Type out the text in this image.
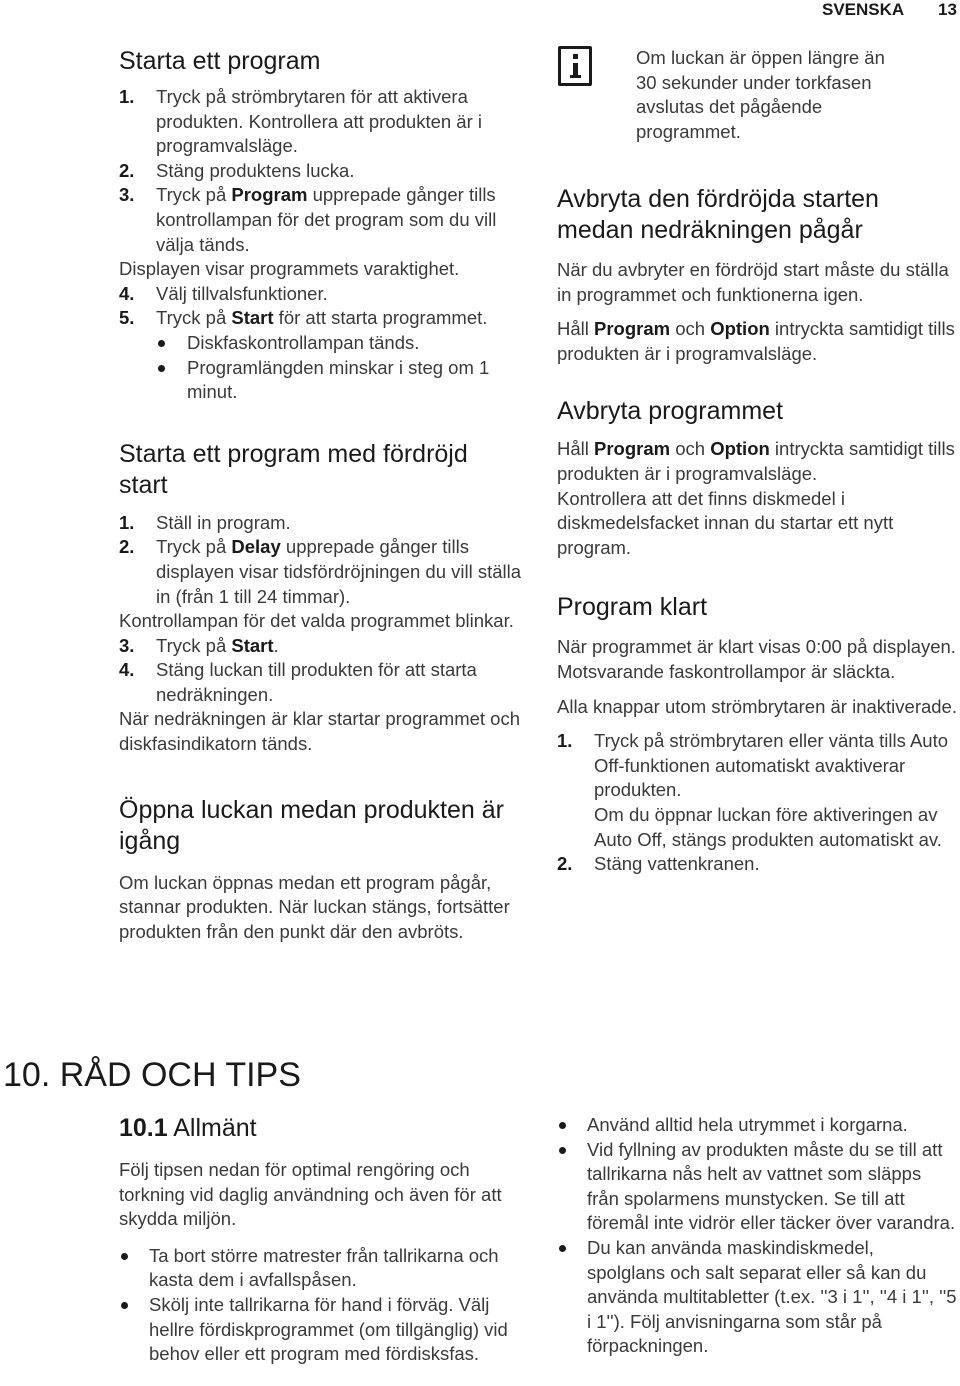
SVENSKA 13
Starta ett program
1. Tryck på strömbrytaren för att aktivera produkten. Kontrollera att produkten är i programvalsläge.
2. Stäng produktens lucka.
3. Tryck på Program upprepade gånger tills kontrollampan för det program som du vill välja tänds.
Displayen visar programmets varaktighet.
4. Välj tillvalsfunktioner.
5. Tryck på Start för att starta programmet.
Diskfaskontrollampan tänds.
Programlängden minskar i steg om 1 minut.
Starta ett program med fördröjd start
1. Ställ in program.
2. Tryck på Delay upprepade gånger tills displayen visar tidsfördröjningen du vill ställa in (från 1 till 24 timmar).
Kontrollampan för det valda programmet blinkar.
3. Tryck på Start.
4. Stäng luckan till produkten för att starta nedräkningen.
När nedräkningen är klar startar programmet och diskfasindikatorn tänds.
Öppna luckan medan produkten är igång
Om luckan öppnas medan ett program pågår, stannar produkten. När luckan stängs, fortsätter produkten från den punkt där den avbröts.
Om luckan är öppen längre än 30 sekunder under torkfasen avslutas det pågående programmet.
Avbryta den fördröjda starten medan nedräkningen pågår
När du avbryter en fördröjd start måste du ställa in programmet och funktionerna igen.
Håll Program och Option intryckta samtidigt tills produkten är i programvalsläge.
Avbryta programmet
Håll Program och Option intryckta samtidigt tills produkten är i programvalsläge.
Kontrollera att det finns diskmedel i diskmedelsfacket innan du startar ett nytt program.
Program klart
När programmet är klart visas 0:00 på displayen. Motsvarande faskontrollampor är släckta.
Alla knappar utom strömbrytaren är inaktiverade.
1. Tryck på strömbrytaren eller vänta tills Auto Off-funktionen automatiskt avaktiverar produkten.
Om du öppnar luckan före aktiveringen av Auto Off, stängs produkten automatiskt av.
2. Stäng vattenkranen.
10. RÅD OCH TIPS
10.1 Allmänt
Följ tipsen nedan för optimal rengöring och torkning vid daglig användning och även för att skydda miljön.
Ta bort större matrester från tallrikarna och kasta dem i avfallspåsen.
Skölj inte tallrikarna för hand i förväg. Välj hellre fördiskprogrammet (om tillgänglig) vid behov eller ett program med fördisksfas.
Använd alltid hela utrymmet i korgarna.
Vid fyllning av produkten måste du se till att tallrikarna nås helt av vattnet som släpps från spolarmens munstycken. Se till att föremål inte vidrör eller täcker över varandra.
Du kan använda maskindiskmedel, spolglans och salt separat eller så kan du använda multitabletter (t.ex. ''3 i 1'', ''4 i 1'', ''5 i 1''). Följ anvisningarna som står på förpackningen.
